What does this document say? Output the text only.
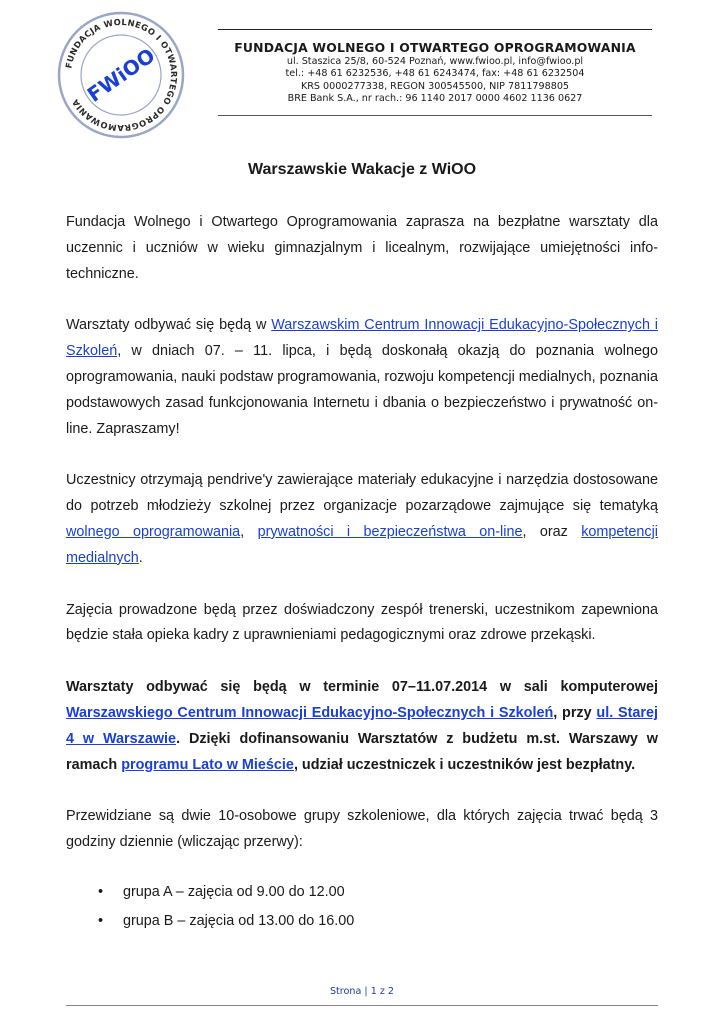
FUNDACJA WOLNEGO I OTWARTEGO OPROGRAMOWANIA FWiOO	FUNDACJA WOLNEGO I OTWARTEGO OPROGRAMOWANIA
ul. Staszica 25/8, 60-524 Poznań, www.fwioo.pl, info@fwioo.pl
tel.: +48 61 6232536, +48 61 6243474, fax: +48 61 6232504
KRS 0000277338, REGON 300545500, NIP 7811798805
BRE Bank S.A., nr rach.: 96 1140 2017 0000 4602 1136 0627
Warszawskie Wakacje z WiOO

Fundacja Wolnego i Otwartego Oprogramowania zaprasza na bezpłatne warsztaty dla uczennic i uczniów w wieku gimnazjalnym i licealnym, rozwijające umiejętności info-techniczne.

Warsztaty odbywać się będą w Warszawskim Centrum Innowacji Edukacyjno-Społecznych i Szkoleń, w dniach 07. – 11. lipca, i będą doskonałą okazją do poznania wolnego oprogramowania, nauki podstaw programowania, rozwoju kompetencji medialnych, poznania podstawowych zasad funkcjonowania Internetu i dbania o bezpieczeństwo i prywatność on-line. Zapraszamy!

Uczestnicy otrzymają pendrive'y zawierające materiały edukacyjne i narzędzia dostosowane do potrzeb młodzieży szkolnej przez organizacje pozarządowe zajmujące się tematyką wolnego oprogramowania, prywatności i bezpieczeństwa on-line, oraz kompetencji medialnych.

Zajęcia prowadzone będą przez doświadczony zespół trenerski, uczestnikom zapewniona będzie stała opieka kadry z uprawnieniami pedagogicznymi oraz zdrowe przekąski.

Warsztaty odbywać się będą w terminie 07–11.07.2014 w sali komputerowej Warszawskiego Centrum Innowacji Edukacyjno-Społecznych i Szkoleń, przy ul. Starej 4 w Warszawie. Dzięki dofinansowaniu Warsztatów z budżetu m.st. Warszawy w ramach programu Lato w Mieście, udział uczestniczek i uczestników jest bezpłatny.

Przewidziane są dwie 10-osobowe grupy szkoleniowe, dla których zajęcia trwać będą 3 godziny dziennie (wliczając przerwy):

• grupa A – zajęcia od 9.00 do 12.00
• grupa B – zajęcia od 13.00 do 16.00
Strona | 1 z 2
